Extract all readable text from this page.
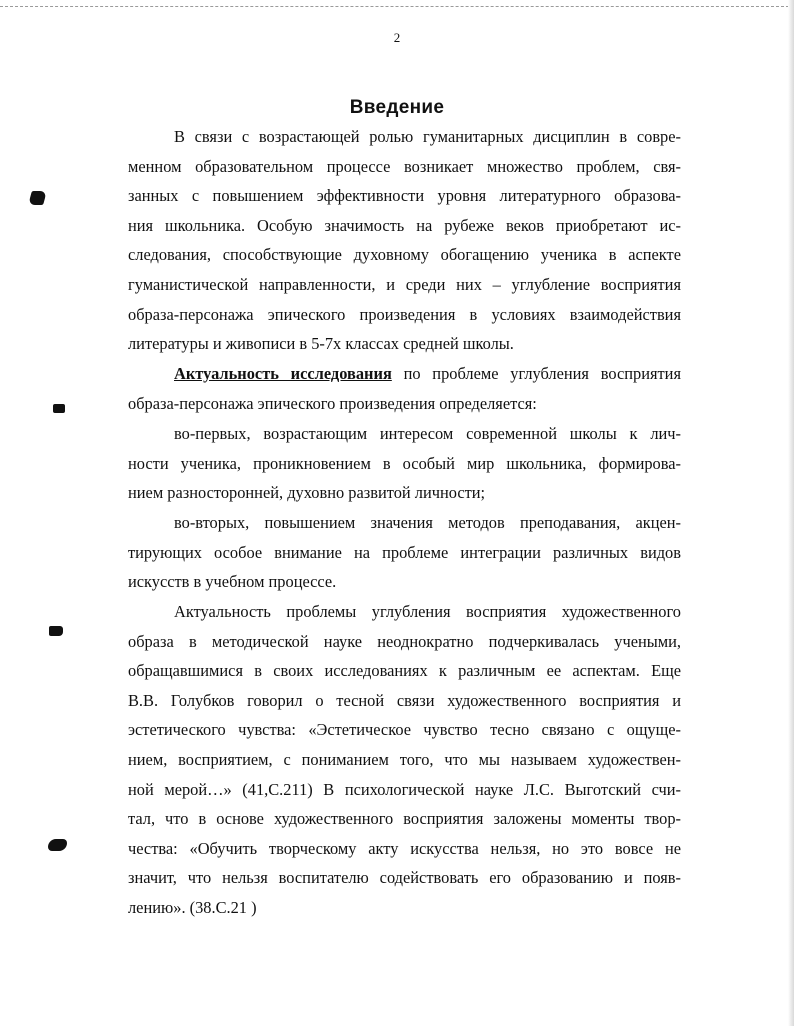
2
Введение
В связи с возрастающей ролью гуманитарных дисциплин в совре-
менном образовательном процессе возникает множество проблем, свя-
занных с повышением эффективности уровня литературного образова-
ния школьника. Особую значимость на рубеже веков приобретают ис-
следования, способствующие духовному обогащению ученика в аспекте
гуманистической направленности, и среди них – углубление восприятия
образа-персонажа эпического произведения в условиях взаимодействия
литературы и живописи в 5-7х классах средней школы.
Актуальность исследования по проблеме углубления восприятия
образа-персонажа эпического произведения определяется:
во-первых, возрастающим интересом современной школы к лич-
ности ученика, проникновением в особый мир школьника, формирова-
нием разносторонней, духовно развитой личности;
во-вторых, повышением значения методов преподавания, акцен-
тирующих особое внимание на проблеме интеграции различных видов
искусств в учебном процессе.
Актуальность проблемы углубления восприятия художественного
образа в методической науке неоднократно подчеркивалась учеными,
обращавшимися в своих исследованиях к различным ее аспектам. Еще
В.В. Голубков говорил о тесной связи художественного восприятия и
эстетического чувства: «Эстетическое чувство тесно связано с ощуще-
нием, восприятием, с пониманием того, что мы называем художествен-
ной мерой…» (41,С.211) В психологической науке Л.С. Выготский счи-
тал, что в основе художественного восприятия заложены моменты твор-
чества: «Обучить творческому акту искусства нельзя, но это вовсе не
значит, что нельзя воспитателю содействовать его образованию и появ-
лению». (38.С.21 )
